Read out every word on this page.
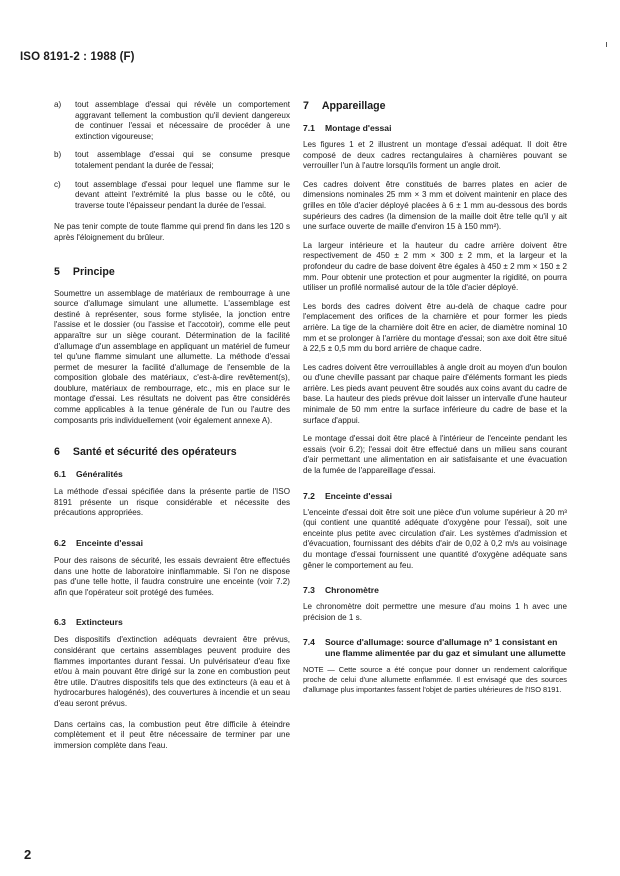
ISO 8191-2 : 1988 (F)
a)	tout assemblage d'essai qui révèle un comportement aggravant tellement la combustion qu'il devient dangereux de continuer l'essai et nécessaire de procéder à une extinction vigoureuse;

b)	tout assemblage d'essai qui se consume presque totalement pendant la durée de l'essai;

c)	tout assemblage d'essai pour lequel une flamme sur le devant atteint l'extrémité la plus basse ou le côté, ou traverse toute l'épaisseur pendant la durée de l'essai.

Ne pas tenir compte de toute flamme qui prend fin dans les 120 s après l'éloignement du brûleur.

5 Principe

Soumettre un assemblage de matériaux de rembourrage à une source d'allumage simulant une allumette. L'assemblage est destiné à représenter, sous forme stylisée, la jonction entre l'assise et le dossier (ou l'assise et l'accotoir), comme elle peut apparaître sur un siège courant. Détermination de la facilité d'allumage d'un assemblage en appliquant un matériel de fumeur tel qu'une flamme simulant une allumette. La méthode d'essai permet de mesurer la facilité d'allumage de l'ensemble de la composition globale des matériaux, c'est-à-dire revêtement(s), doublure, matériaux de rembourrage, etc., mis en place sur le montage d'essai. Les résultats ne doivent pas être considérés comme applicables à la tenue générale de l'un ou l'autre des composants pris individuellement (voir également annexe A).

6 Santé et sécurité des opérateurs
6.1 Généralités

La méthode d'essai spécifiée dans la présente partie de l'ISO 8191 présente un risque considérable et nécessite des précautions appropriées.

6.2 Enceinte d'essai

Pour des raisons de sécurité, les essais devraient être effectués dans une hotte de laboratoire ininflammable. Si l'on ne dispose pas d'une telle hotte, il faudra construire une enceinte (voir 7.2) afin que l'opérateur soit protégé des fumées.

6.3 Extincteurs

Des dispositifs d'extinction adéquats devraient être prévus, considérant que certains assemblages peuvent produire des flammes importantes durant l'essai. Un pulvérisateur d'eau fixe et/ou à main pouvant être dirigé sur la zone en combustion peut être utile. D'autres dispositifs tels que des extincteurs (à eau et à hydrocarbures halogénés), des couvertures à incendie et un seau d'eau seront prévus.

Dans certains cas, la combustion peut être difficile à éteindre complètement et il peut être nécessaire de terminer par une immersion complète dans l'eau.

7 Appareillage
7.1 Montage d'essai

Les figures 1 et 2 illustrent un montage d'essai adéquat. Il doit être composé de deux cadres rectangulaires à charnières pouvant se verrouiller l'un à l'autre lorsqu'ils forment un angle droit.

Ces cadres doivent être constitués de barres plates en acier de dimensions nominales 25 mm × 3 mm et doivent maintenir en place des grilles en tôle d'acier déployé placées à 6 ± 1 mm au-dessous des bords supérieurs des cadres (la dimension de la maille doit être telle qu'il y ait une surface ouverte de maille d'environ 15 à 150 mm²).

La largeur intérieure et la hauteur du cadre arrière doivent être respectivement de 450 ± 2 mm × 300 ± 2 mm, et la largeur et la profondeur du cadre de base doivent être égales à 450 ± 2 mm × 150 ± 2 mm. Pour obtenir une protection et pour augmenter la rigidité, on pourra utiliser un profilé normalisé autour de la tôle d'acier déployé.

Les bords des cadres doivent être au-delà de chaque cadre pour l'emplacement des orifices de la charnière et pour former les pieds arrière. La tige de la charnière doit être en acier, de diamètre nominal 10 mm et se prolonger à l'arrière du montage d'essai; son axe doit être situé à 22,5 ± 0,5 mm du bord arrière de chaque cadre.

Les cadres doivent être verrouillables à angle droit au moyen d'un boulon ou d'une cheville passant par chaque paire d'éléments formant les pieds arrière. Les pieds avant peuvent être soudés aux coins avant du cadre de base. La hauteur des pieds prévue doit laisser un intervalle d'une hauteur minimale de 50 mm entre la surface inférieure du cadre de base et la surface d'appui.

Le montage d'essai doit être placé à l'intérieur de l'enceinte pendant les essais (voir 6.2); l'essai doit être effectué dans un milieu sans courant d'air permettant une alimentation en air satisfaisante et une évacuation de la fumée de l'appareillage d'essai.

7.2 Enceinte d'essai

L'enceinte d'essai doit être soit une pièce d'un volume supérieur à 20 m³ (qui contient une quantité adéquate d'oxygène pour l'essai), soit une enceinte plus petite avec circulation d'air. Les systèmes d'admission et d'évacuation, fournissant des débits d'air de 0,02 à 0,2 m/s au voisinage du montage d'essai fournissent une quantité d'oxygène adéquate sans gêner le comportement au feu.

7.3 Chronomètre

Le chronomètre doit permettre une mesure d'au moins 1 h avec une précision de 1 s.

7.4 Source d'allumage: source d'allumage n° 1 consistant en une flamme alimentée par du gaz et simulant une allumette

NOTE — Cette source a été conçue pour donner un rendement calorifique proche de celui d'une allumette enflammée. Il est envisagé que des sources d'allumage plus importantes fassent l'objet de parties ultérieures de l'ISO 8191.

2
